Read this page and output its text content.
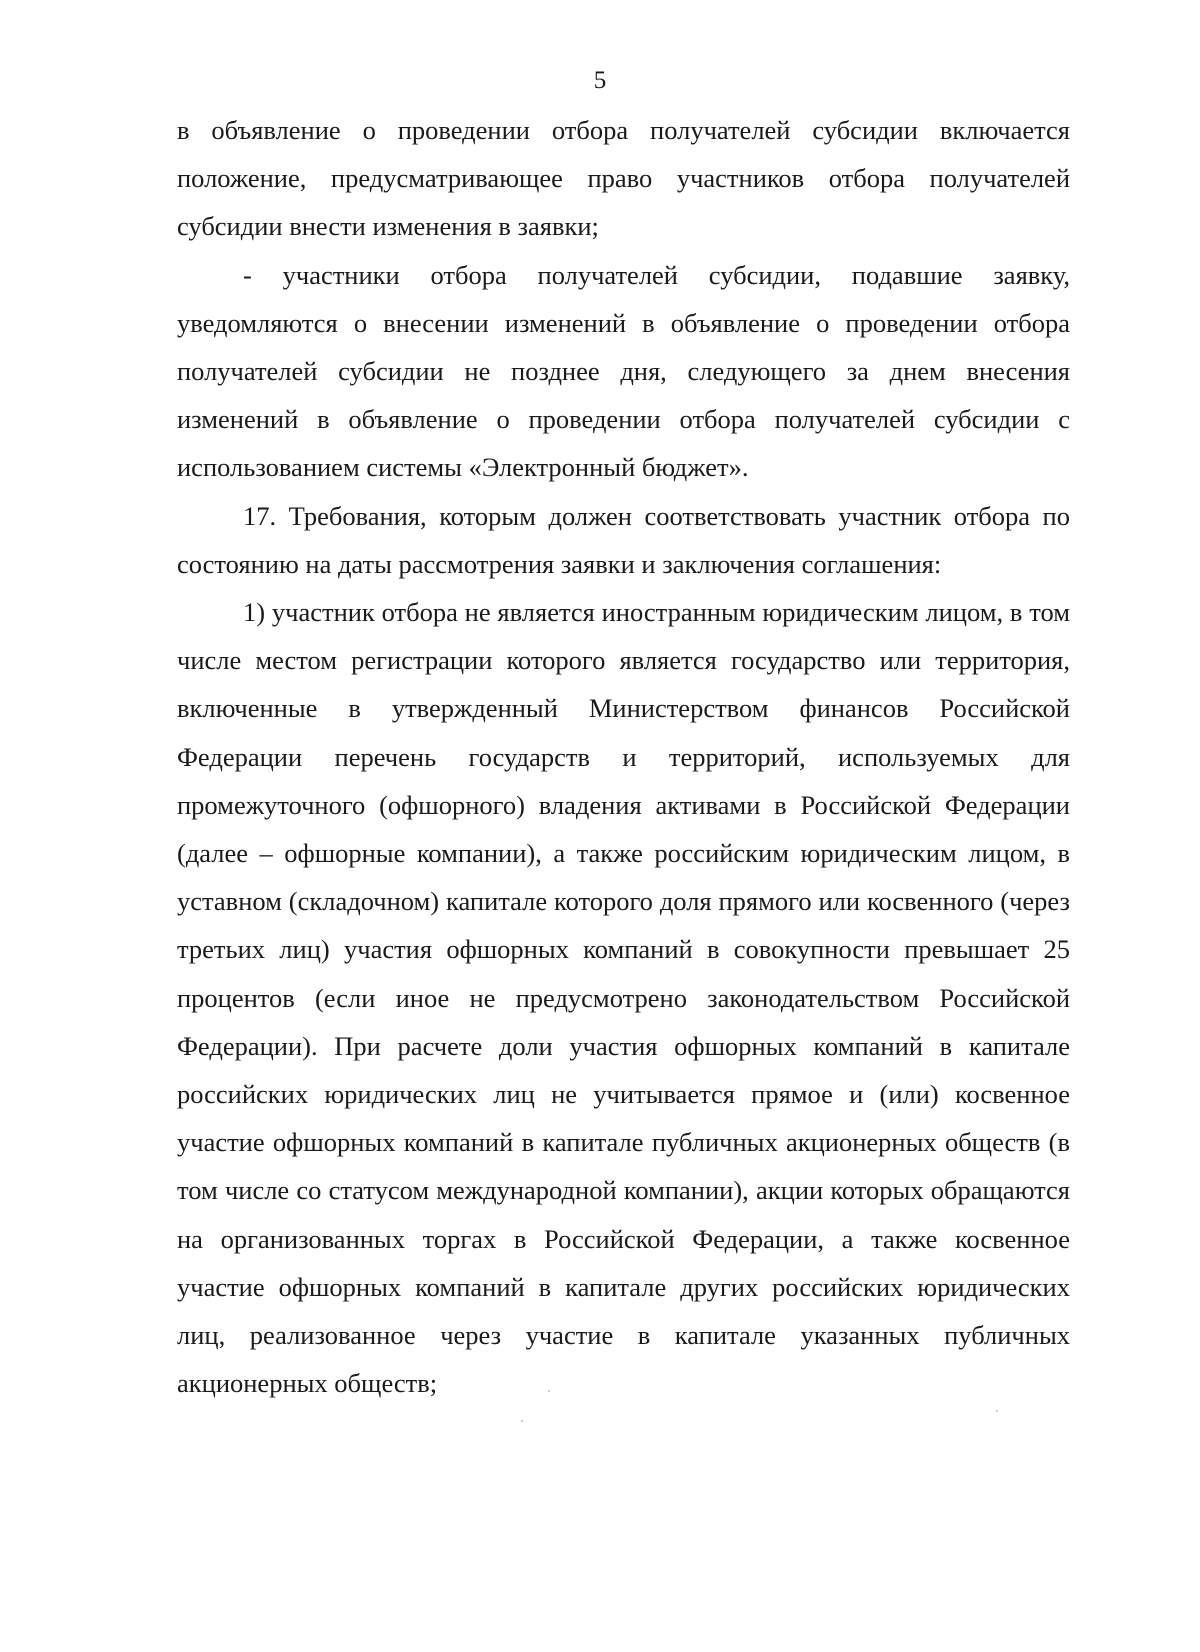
5

в объявление о проведении отбора получателей субсидии включается положение, предусматривающее право участников отбора получателей субсидии внести изменения в заявки;

- участники отбора получателей субсидии, подавшие заявку, уведомляются о внесении изменений в объявление о проведении отбора получателей субсидии не позднее дня, следующего за днем внесения изменений в объявление о проведении отбора получателей субсидии с использованием системы «Электронный бюджет».

17. Требования, которым должен соответствовать участник отбора по состоянию на даты рассмотрения заявки и заключения соглашения:

1) участник отбора не является иностранным юридическим лицом, в том числе местом регистрации которого является государство или территория, включенные в утвержденный Министерством финансов Российской Федерации перечень государств и территорий, используемых для промежуточного (офшорного) владения активами в Российской Федерации (далее – офшорные компании), а также российским юридическим лицом, в уставном (складочном) капитале которого доля прямого или косвенного (через третьих лиц) участия офшорных компаний в совокупности превышает 25 процентов (если иное не предусмотрено законодательством Российской Федерации). При расчете доли участия офшорных компаний в капитале российских юридических лиц не учитывается прямое и (или) косвенное участие офшорных компаний в капитале публичных акционерных обществ (в том числе со статусом международной компании), акции которых обращаются на организованных торгах в Российской Федерации, а также косвенное участие офшорных компаний в капитале других российских юридических лиц, реализованное через участие в капитале указанных публичных акционерных обществ;
